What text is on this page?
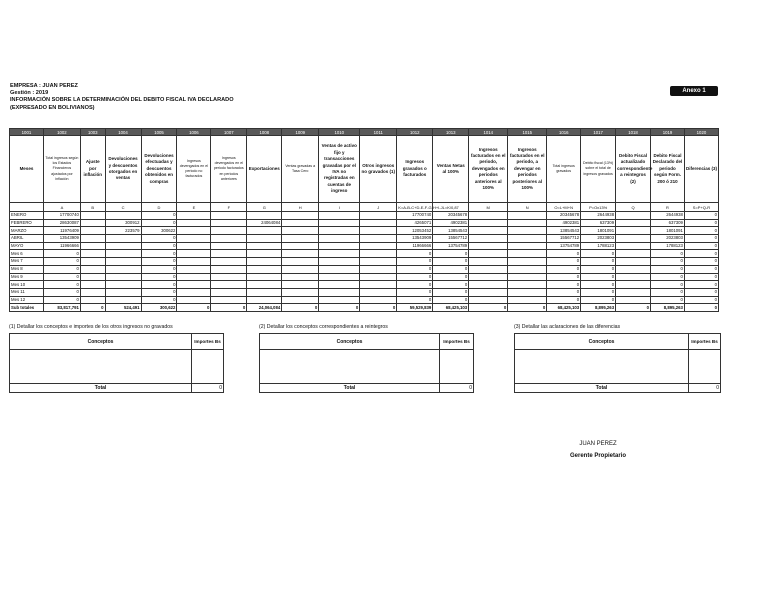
EMPRESA : JUAN PEREZ
Gestión : 2019
INFORMACIÓN SOBRE LA DETERMINACIÓN DEL DEBITO FISCAL IVA DECLARADO
(EXPRESADO EN BOLIVIANOS)
Anexo 1
1001	1002	1003	1004	1005	1006	1007	1008	1009	1010	1011	1012	1013	1014	1015	1016	1017	1018	1019	1020
Meses	Total ingresos según los Estados Financieros ajustados por inflación	Ajuste por inflación	Devoluciones y descuentos otorgados en ventas	Devoluciones efectuadas y descuentos obtenidos en compras	Ingresos devengados en el periodo no facturados	Ingresos devengados en el periodo facturados en periodos anteriores	Exportaciones	Ventas gravadas a Tasa Cero	Ventas de activo fijo y transacciones gravadas por el IVA no registradas en cuentas de ingreso	Otros ingresos no gravados (1)	Ingresos gravados o facturados	Ventas Netas al 100%	Ingresos facturados en el periodo, devengados en periodos anteriores al 100%	Ingresos facturados en el periodo, a devengar en periodos posteriores al 100%	Total ingresos gravados	Debito fiscal (13%) sobre el total de ingresos gravados	Debito Fiscal actualizado correspondiente a reintegros (2)	Debito Fiscal Declarado del periodo según Form. 200 ó 210	Diferencias (3)
	A	B	C	D	E	F	G	H	I	J	K=A-B-C+D-E-F-G-H+I-J	L=K/0,87	M	N	O=L+M+N	P=Ox13%	Q	R	S=P+Q-R
ENERO	17700740			0							17700740	20345678			20345678	2644938		2644938	0
FEBRERO	28630087		300912	0			24064084				4265071	4902381			4902381	637309		637309	0
MARZO	11976409		223579	300622							12053452	13854543			13854543	1801091		1801091	0
ABRIL	13543909			0							13543909	15567712			15567712	2023803		2023803	0
MAYO	11966666			0							11966666	13754789			13754789	1788123		1788123	0
Mes 6	0			0							0	0			0	0		0	0
Mes 7	0			0							0	0			0	0		0	0
Mes 8	0			0							0	0			0	0		0	0
Mes 9	0			0							0	0			0	0		0	0
Mes 10	0			0							0	0			0	0		0	0
Mes 11	0			0							0	0			0	0		0	0
Mes 12	0			0							0	0			0	0		0	0
Sub totales	83,817,791	0	524,491	300,622	0	0	24,064,084	0	0	0	59,529,839	68,425,103	0	0	68,425,103	8,895,263	0	8,895,263	0
(1) Detallar los conceptos e importes de los otros ingresos no gravados
Conceptos	Importes Bs

Total	0
(2) Detallar los conceptos correspondientes a reintegros
Conceptos	Importes Bs

Total	0
(3) Detallar las aclaraciones de las diferencias
Conceptos	Importes Bs

Total	0
JUAN PEREZ
Gerente Propietario
